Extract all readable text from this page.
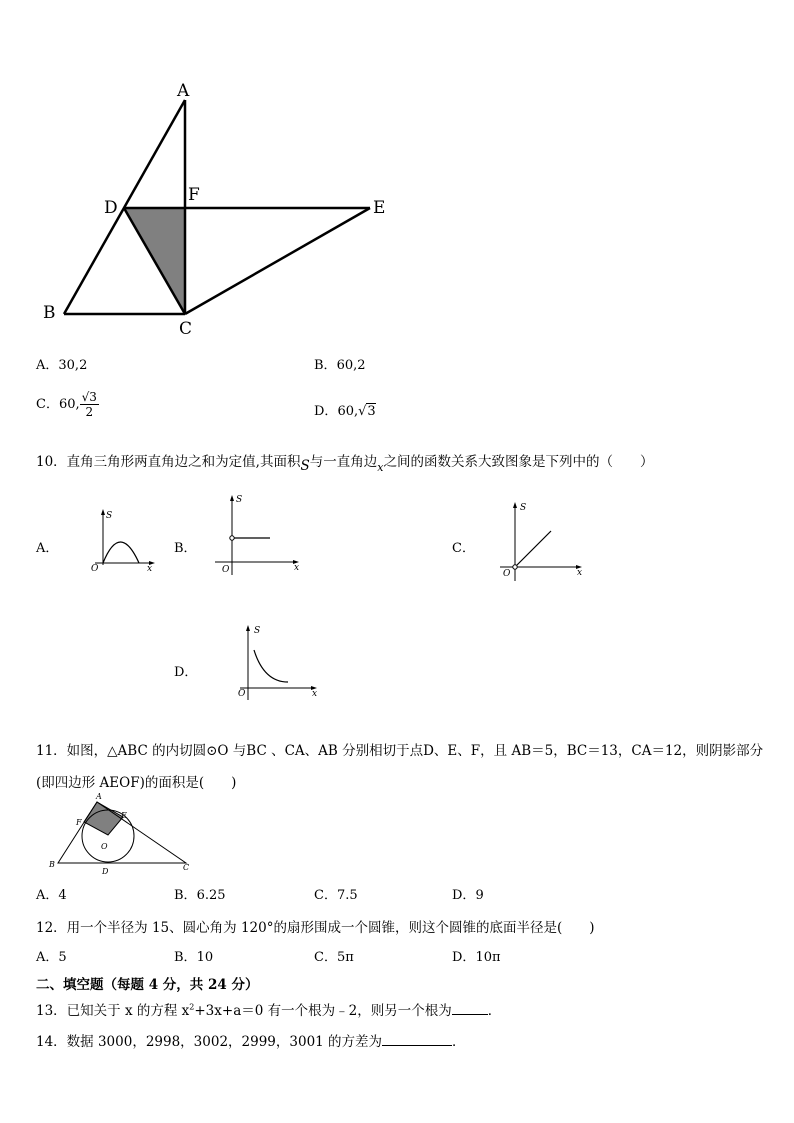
A
D
F
E
B
C
A．30,2	B．60,2
C．60, $\frac{√3}{2}$	D．60,√3
10．直角三角形两直角边之和为定值,其面积S与一直角边$_x$之间的函数关系大致图象是下列中的（　　）
A．	B．	C．
D．
S
O	x
S
O	x
S
O	x
S
O	x
11．如图，△ABC 的内切圆⊙O 与BC 、CA、AB 分别相切于点D、E、F，且 AB＝5，BC＝13，CA＝12，则阴影部分
(即四边形 AEOF)的面积是(　　)
A
F
E
O
B
D	C
A．4	B．6.25	C．7.5	D．9
12．用一个半径为 15、圆心角为 120°的扇形围成一个圆锥，则这个圆锥的底面半径是(　　)
A．5	B．10	C．5π	D．10π
二、填空题（每题 4 分，共 24 分）
13．已知关于 x 的方程 $x^2+3x+a=0$ 有一个根为﹣2，则另一个根为	．
14．数据 3000，2998，3002，2999，3001 的方差为	．
